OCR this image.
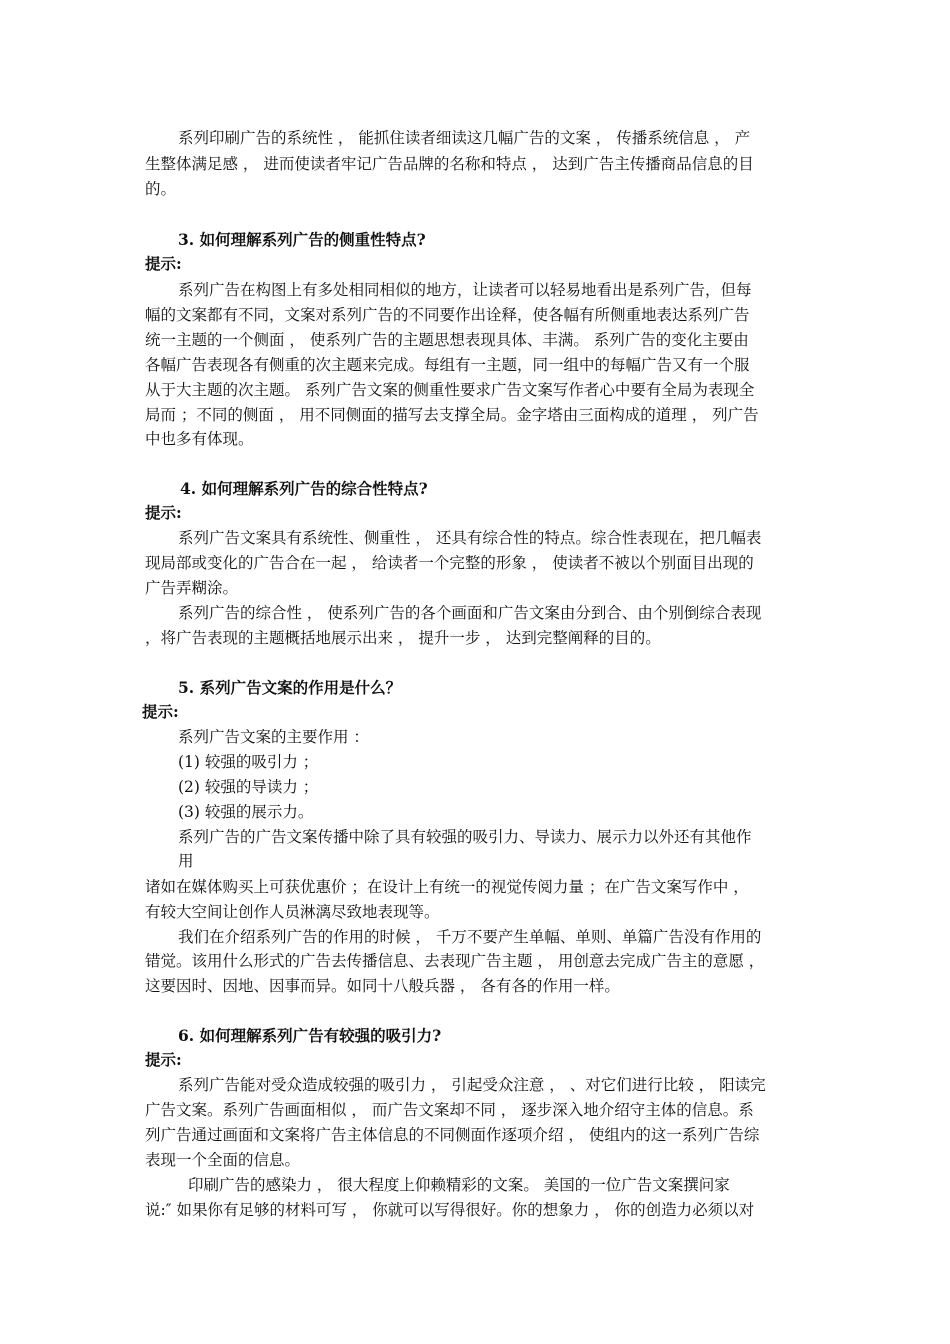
系列印刷广告的系统性 ， 能抓住读者细读这几幅广告的文案 ， 传播系统信息 ， 产
生整体满足感 ， 进而使读者牢记广告品牌的名称和特点 ， 达到广告主传播商品信息的目
的。
3. 如何理解系列广告的侧重性特点?
提示:
系列广告在构图上有多处相同相似的地方，让读者可以轻易地看出是系列广告，但每
幅的文案都有不同，文案对系列广告的不同要作出诠释，使各幅有所侧重地表达系列广告
统一主题的一个侧面 ， 使系列广告的主题思想表现具体、丰满。 系列广告的变化主要由
各幅广告表现各有侧重的次主题来完成。每组有一主题，同一组中的每幅广告又有一个服
从于大主题的次主题。 系列广告文案的侧重性要求广告文案写作者心中要有全局为表现全
局而 ；不同的侧面 ， 用不同侧面的描写去支撑全局。金字塔由三面构成的道理 ， 列广告
中也多有体现。
4. 如何理解系列广告的综合性特点?
提示:
系列广告文案具有系统性、侧重性 ， 还具有综合性的特点。综合性表现在，把几幅表
现局部或变化的广告合在一起 ， 给读者一个完整的形象 ， 使读者不被以个别面目出现的
广告弄糊涂。
系列广告的综合性 ， 使系列广告的各个画面和广告文案由分到合、由个别倒综合表现
，将广告表现的主题概括地展示出来 ， 提升一步 ， 达到完整阐释的目的。
5. 系列广告文案的作用是什么？
提示:
系列广告文案的主要作用 ：
(1) 较强的吸引力 ；
(2) 较强的导读力 ；
(3) 较强的展示力。
系列广告的广告文案传播中除了具有较强的吸引力、导读力、展示力以外还有其他作
用
诸如在媒体购买上可获优惠价 ；在设计上有统一的视觉传阅力量 ；在广告文案写作中 ，
有较大空间让创作人员淋漓尽致地表现等。
我们在介绍系列广告的作用的时候 ， 千万不要产生单幅、单则、单篇广告没有作用的
错觉。该用什么形式的广告去传播信息、去表现广告主题 ， 用创意去完成广告主的意愿 ，
这要因时、因地、因事而异。如同十八般兵器 ， 各有各的作用一样。
6. 如何理解系列广告有较强的吸引力?
提示:
系列广告能对受众造成较强的吸引力 ， 引起受众注意 ， 、对它们进行比较 ， 阳读完
广告文案。系列广告画面相似 ， 而广告文案却不同 ， 逐步深入地介绍守主体的信息。系
列广告通过画面和文案将广告主体信息的不同侧面作逐项介绍 ， 使组内的这一系列广告综
表现一个全面的信息。
印刷广告的感染力 ， 很大程度上仰赖精彩的文案。 美国的一位广告文案撰问家
说:″ 如果你有足够的材料可写 ， 你就可以写得很好。你的想象力 ， 你的创造力必须以对
